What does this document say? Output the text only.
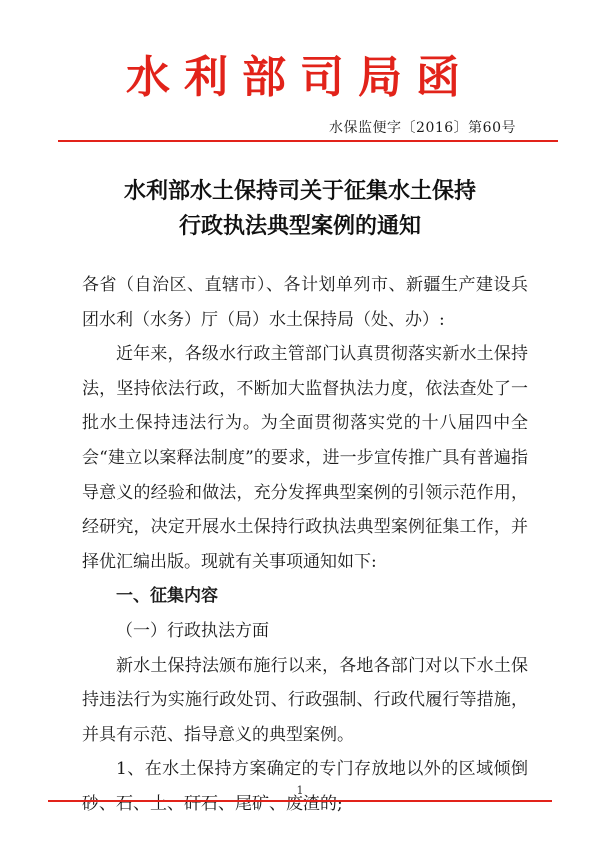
水利部司局函
水保监便字〔2016〕第60号
水利部水土保持司关于征集水土保持
行政执法典型案例的通知

各省（自治区、直辖市）、各计划单列市、新疆生产建设兵团水利（水务）厅（局）水土保持局（处、办）:

近年来，各级水行政主管部门认真贯彻落实新水土保持法，坚持依法行政，不断加大监督执法力度，依法查处了一批水土保持违法行为。为全面贯彻落实党的十八届四中全会“建立以案释法制度”的要求，进一步宣传推广具有普遍指导意义的经验和做法，充分发挥典型案例的引领示范作用，经研究，决定开展水土保持行政执法典型案例征集工作，并择优汇编出版。现就有关事项通知如下:

一、征集内容

（一）行政执法方面

新水土保持法颁布施行以来，各地各部门对以下水土保持违法行为实施行政处罚、行政强制、行政代履行等措施，并具有示范、指导意义的典型案例。

1、在水土保持方案确定的专门存放地以外的区域倾倒砂、石、土、矸石、尾矿、废渣的;

1
